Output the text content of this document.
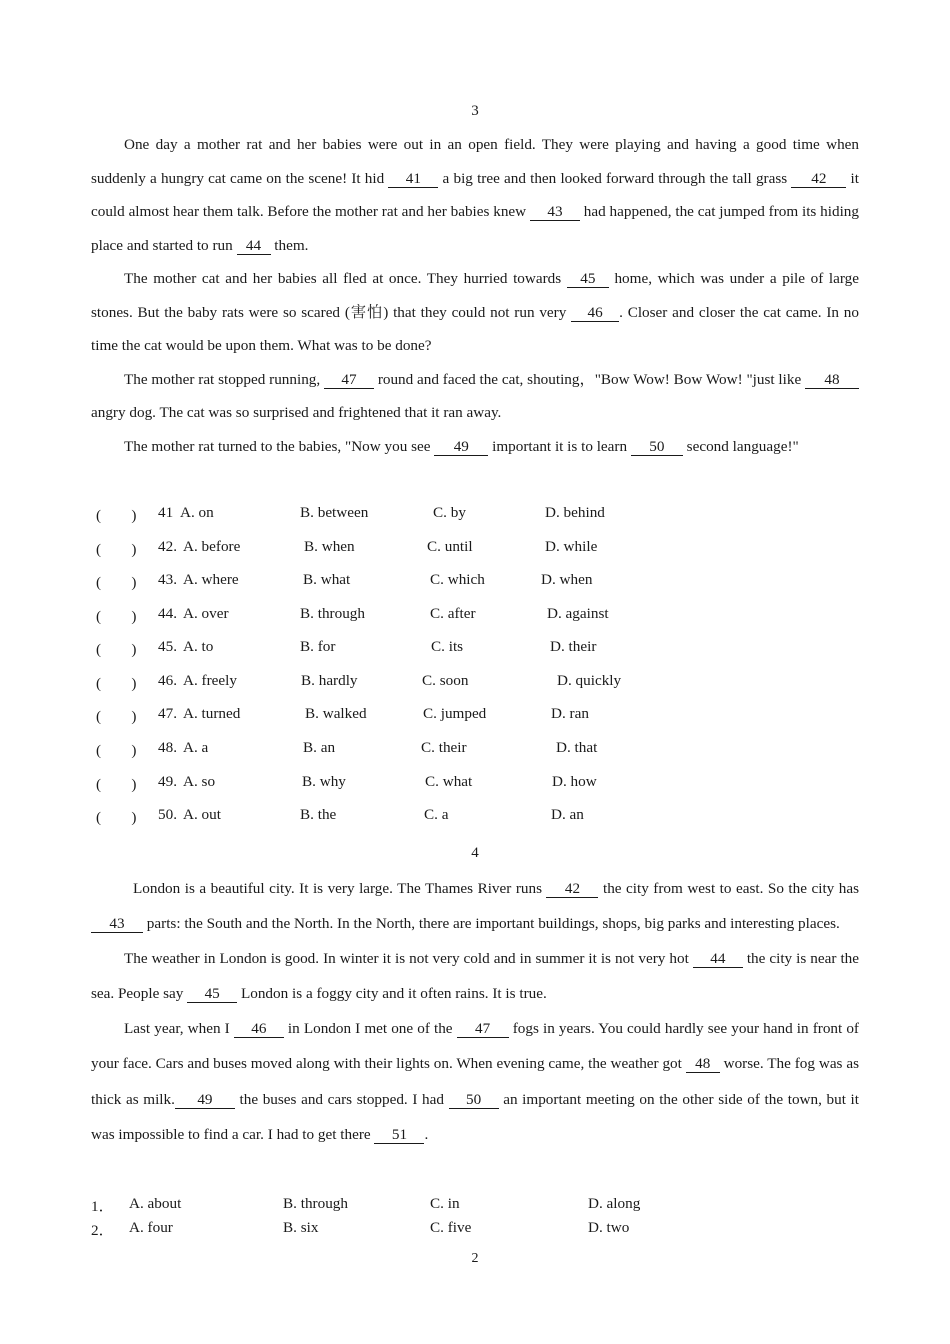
3

One day a mother rat and her babies were out in an open field. They were playing and having a good time when suddenly a hungry cat came on the scene! It hid 41 a big tree and then looked forward through the tall grass 42 it could almost hear them talk. Before the mother rat and her babies knew 43 had happened, the cat jumped from its hiding place and started to run 44 them.

The mother cat and her babies all fled at once. They hurried towards 45 home, which was under a pile of large stones. But the baby rats were so scared (害怕) that they could not run very 46 . Closer and closer the cat came. In no time the cat would be upon them. What was to be done?

The mother rat stopped running, 47 round and faced the cat, shouting，"Bow Wow! Bow Wow! "just like 48 angry dog. The cat was so surprised and frightened that it ran away.

The mother rat turned to the babies, "Now you see 49 important it is to learn 50 second language!"

(　　) 41 A. on	B. between	C. by	D. behind
(　　) 42. A. before	B. when	C. until	D. while
(　　) 43. A. where	B. what	C. which	D. when
(　　) 44. A. over	B. through	C. after	D. against
(　　) 45. A. to	B. for	C. its	D. their
(　　) 46. A. freely	B. hardly	C. soon	D. quickly
(　　) 47. A. turned	B. walked	C. jumped	D. ran
(　　) 48. A. a	B. an	C. their	D. that
(　　) 49. A. so	B. why	C. what	D. how
(　　) 50. A. out	B. the	C. a	D. an
4

London is a beautiful city. It is very large. The Thames River runs 42 the city from west to east. So the city has 43 parts: the South and the North. In the North, there are important buildings, shops, big parks and interesting places.

The weather in London is good. In winter it is not very cold and in summer it is not very hot 44 the city is near the sea. People say 45 London is a foggy city and it often rains. It is true.

Last year, when I 46 in London I met one of the 47 fogs in years. You could hardly see your hand in front of your face. Cars and buses moved along with their lights on. When evening came, the weather got 48 worse. The fog was as thick as milk. 49 the buses and cars stopped. I had 50 an important meeting on the other side of the town, but it was impossible to find a car. I had to get there 51 .

1． A. about	B. through	C. in	D. along
2． A. four	B. six	C. five	D. two
2
